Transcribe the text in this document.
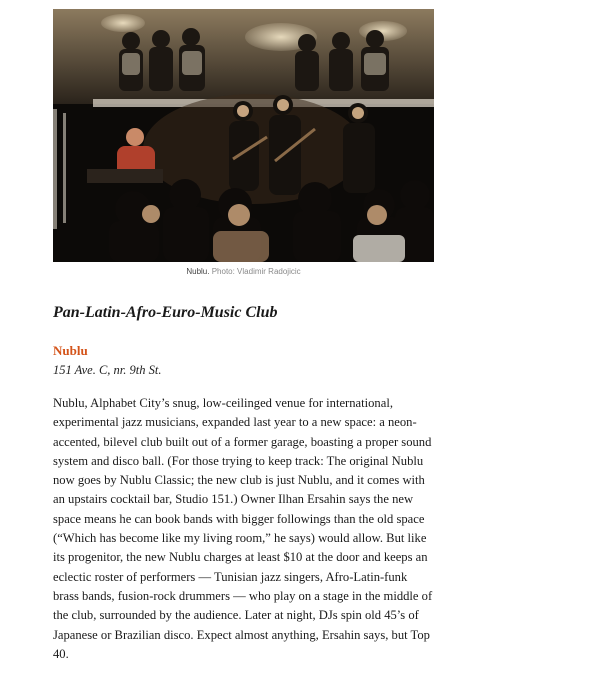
Nublu. Photo: Vladimir Radojicic
Pan-Latin-Afro-Euro-Music Club
Nublu
151 Ave. C, nr. 9th St.

Nublu, Alphabet City’s snug, low-ceilinged venue for international, experimental jazz musicians, expanded last year to a new space: a neon-accented, bilevel club built out of a former garage, boasting a proper sound system and disco ball. (For those trying to keep track: The original Nublu now goes by Nublu Classic; the new club is just Nublu, and it comes with an upstairs cocktail bar, Studio 151.) Owner Ilhan Ersahin says the new space means he can book bands with bigger followings than the old space (“Which has become like my living room,” he says) would allow. But like its progenitor, the new Nublu charges at least $10 at the door and keeps an eclectic roster of performers — Tunisian jazz singers, Afro-Latin-funk brass bands, fusion-rock drummers — who play on a stage in the middle of the club, surrounded by the audience. Later at night, DJs spin old 45’s of Japanese or Brazilian disco. Expect almost anything, Ersahin says, but Top 40.
